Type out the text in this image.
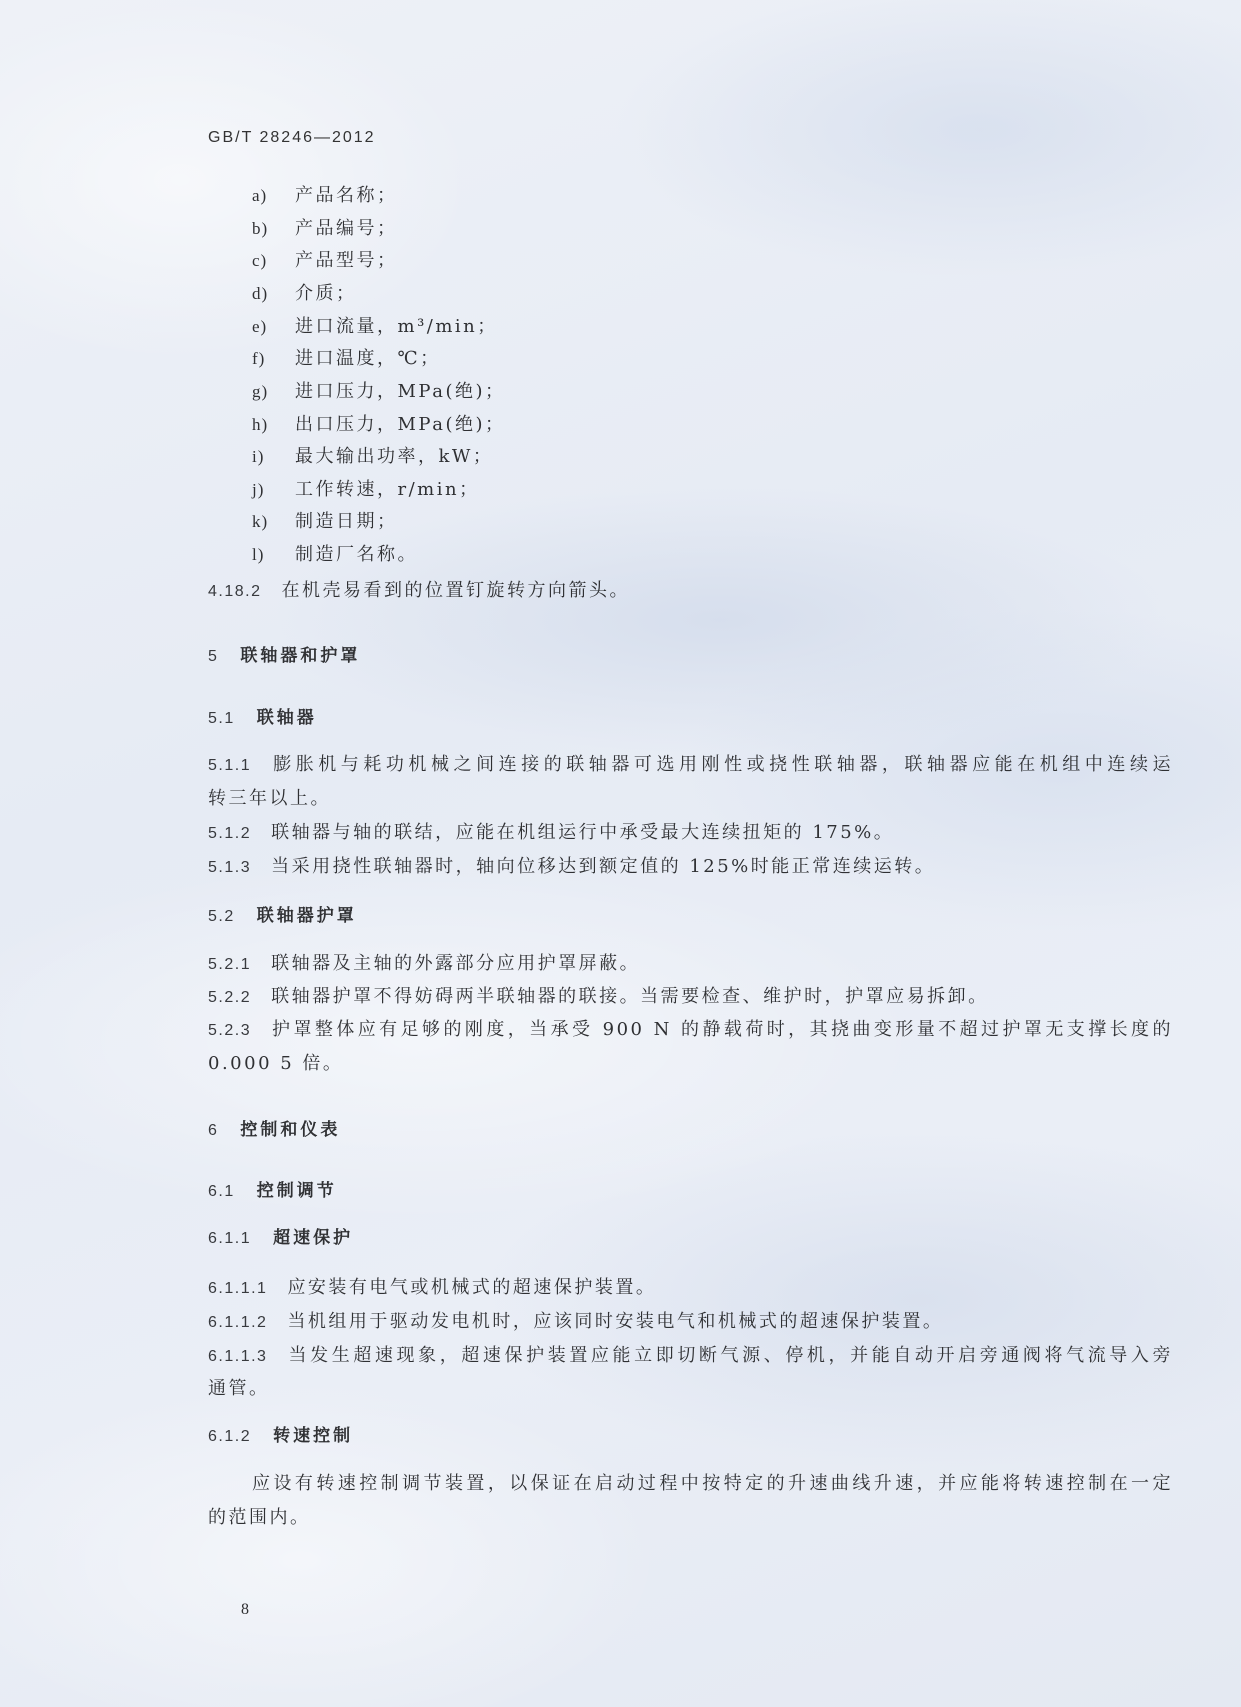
GB/T 28246—2012
a) 产品名称；
b) 产品编号；
c) 产品型号；
d) 介质；
e) 进口流量，m³/min；
f) 进口温度，℃；
g) 进口压力，MPa(绝)；
h) 出口压力，MPa(绝)；
i) 最大输出功率，kW；
j) 工作转速，r/min；
k) 制造日期；
l) 制造厂名称。
4.18.2 在机壳易看到的位置钉旋转方向箭头。
5 联轴器和护罩
5.1 联轴器
5.1.1 膨胀机与耗功机械之间连接的联轴器可选用刚性或挠性联轴器，联轴器应能在机组中连续运
转三年以上。
5.1.2 联轴器与轴的联结，应能在机组运行中承受最大连续扭矩的 175%。
5.1.3 当采用挠性联轴器时，轴向位移达到额定值的 125%时能正常连续运转。
5.2 联轴器护罩
5.2.1 联轴器及主轴的外露部分应用护罩屏蔽。
5.2.2 联轴器护罩不得妨碍两半联轴器的联接。当需要检查、维护时，护罩应易拆卸。
5.2.3 护罩整体应有足够的刚度，当承受 900 N 的静载荷时，其挠曲变形量不超过护罩无支撑长度的
0.000 5 倍。
6 控制和仪表
6.1 控制调节
6.1.1 超速保护
6.1.1.1 应安装有电气或机械式的超速保护装置。
6.1.1.2 当机组用于驱动发电机时，应该同时安装电气和机械式的超速保护装置。
6.1.1.3 当发生超速现象，超速保护装置应能立即切断气源、停机，并能自动开启旁通阀将气流导入旁
通管。
6.1.2 转速控制
应设有转速控制调节装置，以保证在启动过程中按特定的升速曲线升速，并应能将转速控制在一定
的范围内。
8
